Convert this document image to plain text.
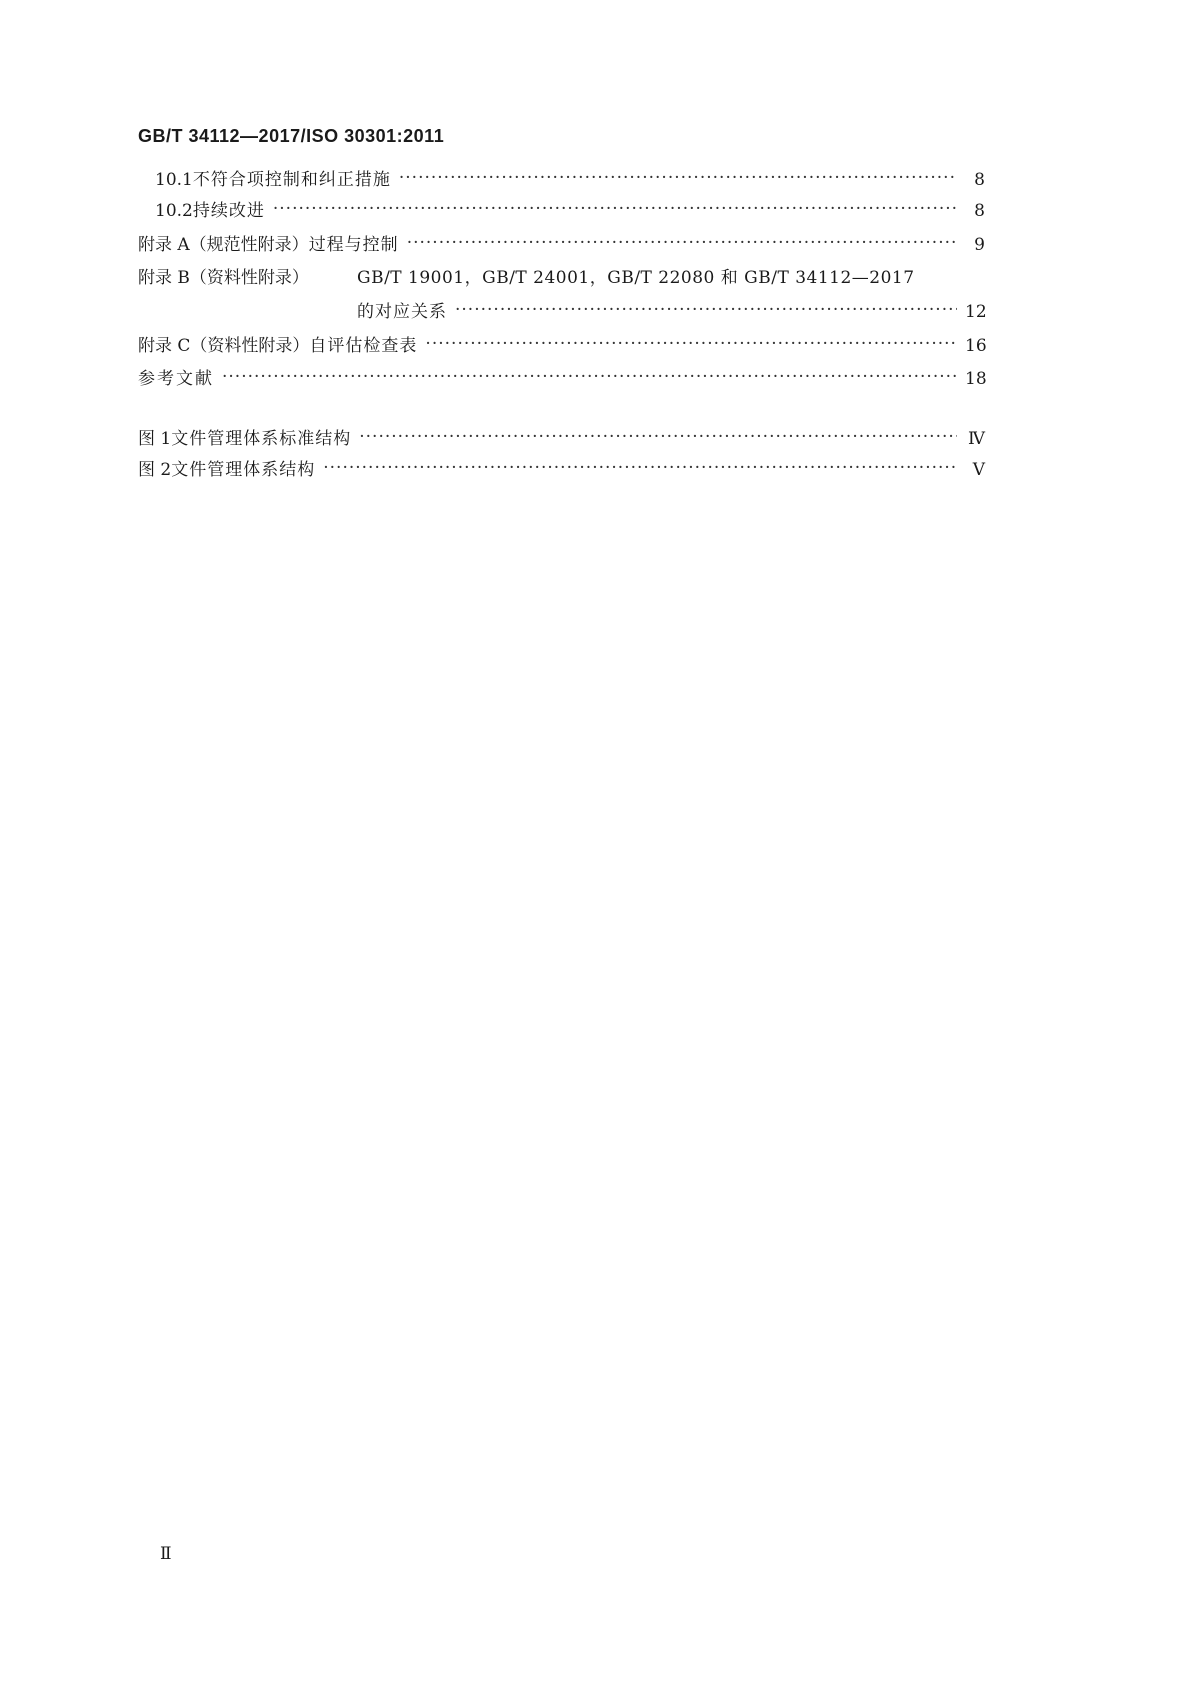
GB/T 34112—2017/ISO 30301:2011
10.1 不符合项控制和纠正措施 ·····	8
10.2 持续改进 ·····	8
附录 A（规范性附录） 过程与控制 ·····	9
附录 B（资料性附录）	GB/T 19001，GB/T 24001，GB/T 22080 和 GB/T 34112—2017
的对应关系 ·····	12
附录 C（资料性附录） 自评估检查表 ·····	16
参考文献 ·····	18
图 1 文件管理体系标准结构 ·····	Ⅳ
图 2 文件管理体系结构 ·····	Ⅴ
Ⅱ
